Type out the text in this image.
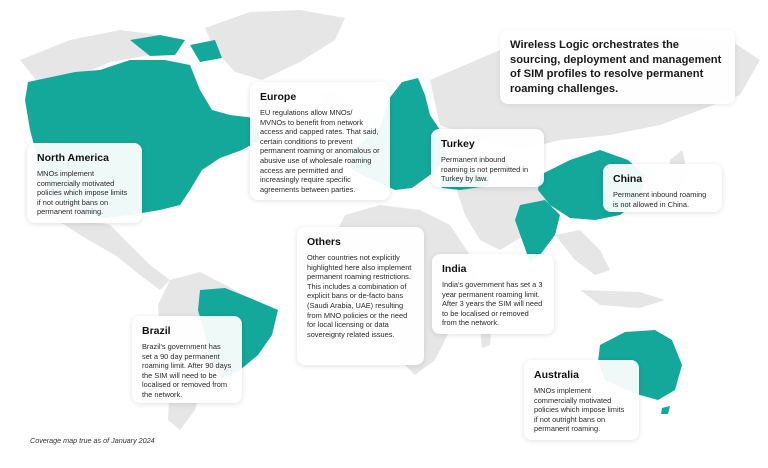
Wireless Logic orchestrates the sourcing, deployment and management of SIM profiles to resolve permanent roaming challenges.

Europe

EU regulations allow MNOs/ MVNOs to benefit from network access and capped rates. That said, certain conditions to prevent permanent roaming or anomalous or abusive use of wholesale roaming access are permitted and increasingly require specific agreements between parties.

North America

MNOs implement commercially motivated policies which impose limits if not outright bans on permanent roaming.

Turkey

Permanent inbound roaming is not permitted in Turkey by law.	China

Permanent inbound roaming is not allowed in China.

Others

Other countries not explicitly highlighted here also implement permanent roaming restrictions. This includes a combination of explicit bans or de-facto bans (Saudi Arabia, UAE) resulting from MNO policies or the need for local licensing or data sovereignty related issues.

India

India's government has set a 3 year permanent roaming limit. After 3 years the SIM will need to be localised or removed from the network.

Brazil

Brazil's government has set a 90 day permanent roaming limit. After 90 days the SIM will need to be localised or removed from the network.

Australia

MNOs implement commercially motivated policies which impose limits if not outright bans on permanent roaming.

Coverage map true as of January 2024
